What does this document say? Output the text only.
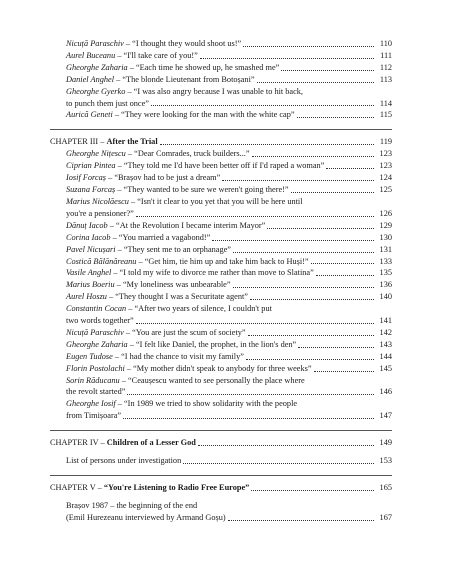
Nicuță Paraschiv – “I thought they would shoot us!”	110
Aurel Buceanu – “I'll take care of you!”	111
Gheorghe Zaharia – “Each time he showed up, he smashed me”	112
Daniel Anghel – “The blonde Lieutenant from Botoșani”	113
Gheorghe Gyerko – “I was also angry because I was unable to hit back,
to punch them just once”	114
Aurică Geneti – “They were looking for the man with the white cap”	115
CHAPTER III – After the Trial	119
Gheorghe Nițescu – “Dear Comrades, truck builders...”	123
Ciprian Pintea – “They told me I'd have been better off if I'd raped a woman”	123
Iosif Forcaș – “Brașov had to be just a dream”	124
Suzana Forcaș – “They wanted to be sure we weren't going there!”	125
Marius Nicolăescu – “Isn't it clear to you yet that you will be here until
you're a pensioner?”	126
Dănuț Iacob – “At the Revolution I became interim Mayor”	129
Corina Iacob – “You married a vagabond!”	130
Pavel Nicușari – “They sent me to an orphanage”	131
Costică Bălănăreanu – “Get him, tie him up and take him back to Huși!”	133
Vasile Anghel – “I told my wife to divorce me rather than move to Slatina”	135
Marius Boeriu – “My loneliness was unbearable”	136
Aurel Hoszu – “They thought I was a Securitate agent”	140
Constantin Cocan – “After two years of silence, I couldn't put
two words together”	141
Nicuță Paraschiv – “You are just the scum of society”	142
Gheorghe Zaharia – “I felt like Daniel, the prophet, in the lion's den”	143
Eugen Tudose – “I had the chance to visit my family”	144
Florin Postolachi – “My mother didn't speak to anybody for three weeks”	145
Sorin Răducanu – “Ceaușescu wanted to see personally the place where
the revolt started”	146
Gheorghe Iosif – “In 1989 we tried to show solidarity with the people
from Timișoara”	147
CHAPTER IV – Children of a Lesser God	149
List of persons under investigation	153
CHAPTER V – “You're Listening to Radio Free Europe”	165
Brașov 1987 – the beginning of the end
(Emil Hurezeanu interviewed by Armand Goșu)	167
